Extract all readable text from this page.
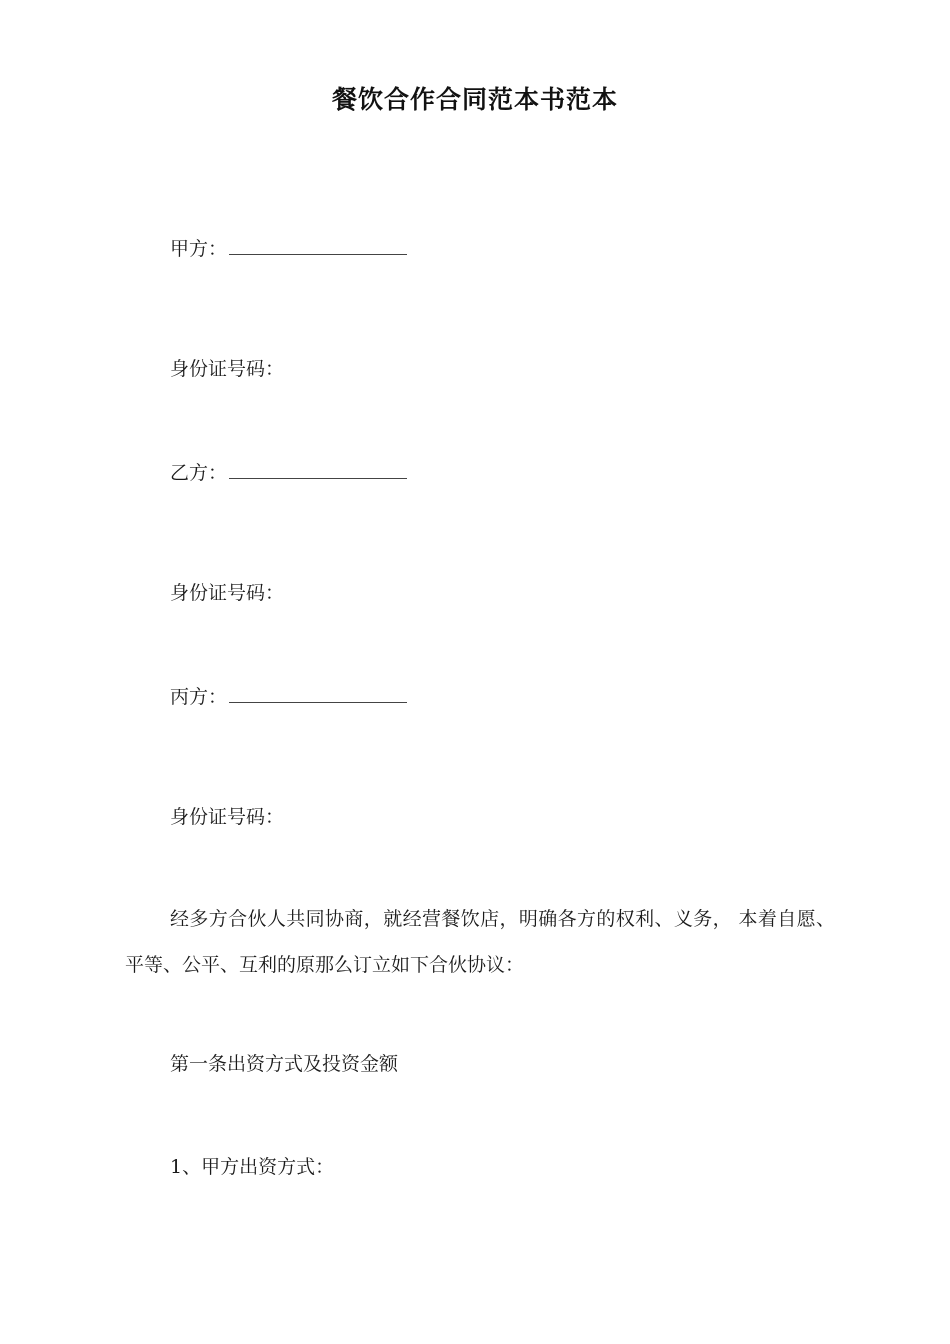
餐饮合作合同范本书范本
甲方：
身份证号码：
乙方：
身份证号码：
丙方：
身份证号码：
经多方合伙人共同协商，就经营餐饮店，明确各方的权利、义务， 本着自愿、平等、公平、互利的原那么订立如下合伙协议：
第一条出资方式及投资金额
1、甲方出资方式：
